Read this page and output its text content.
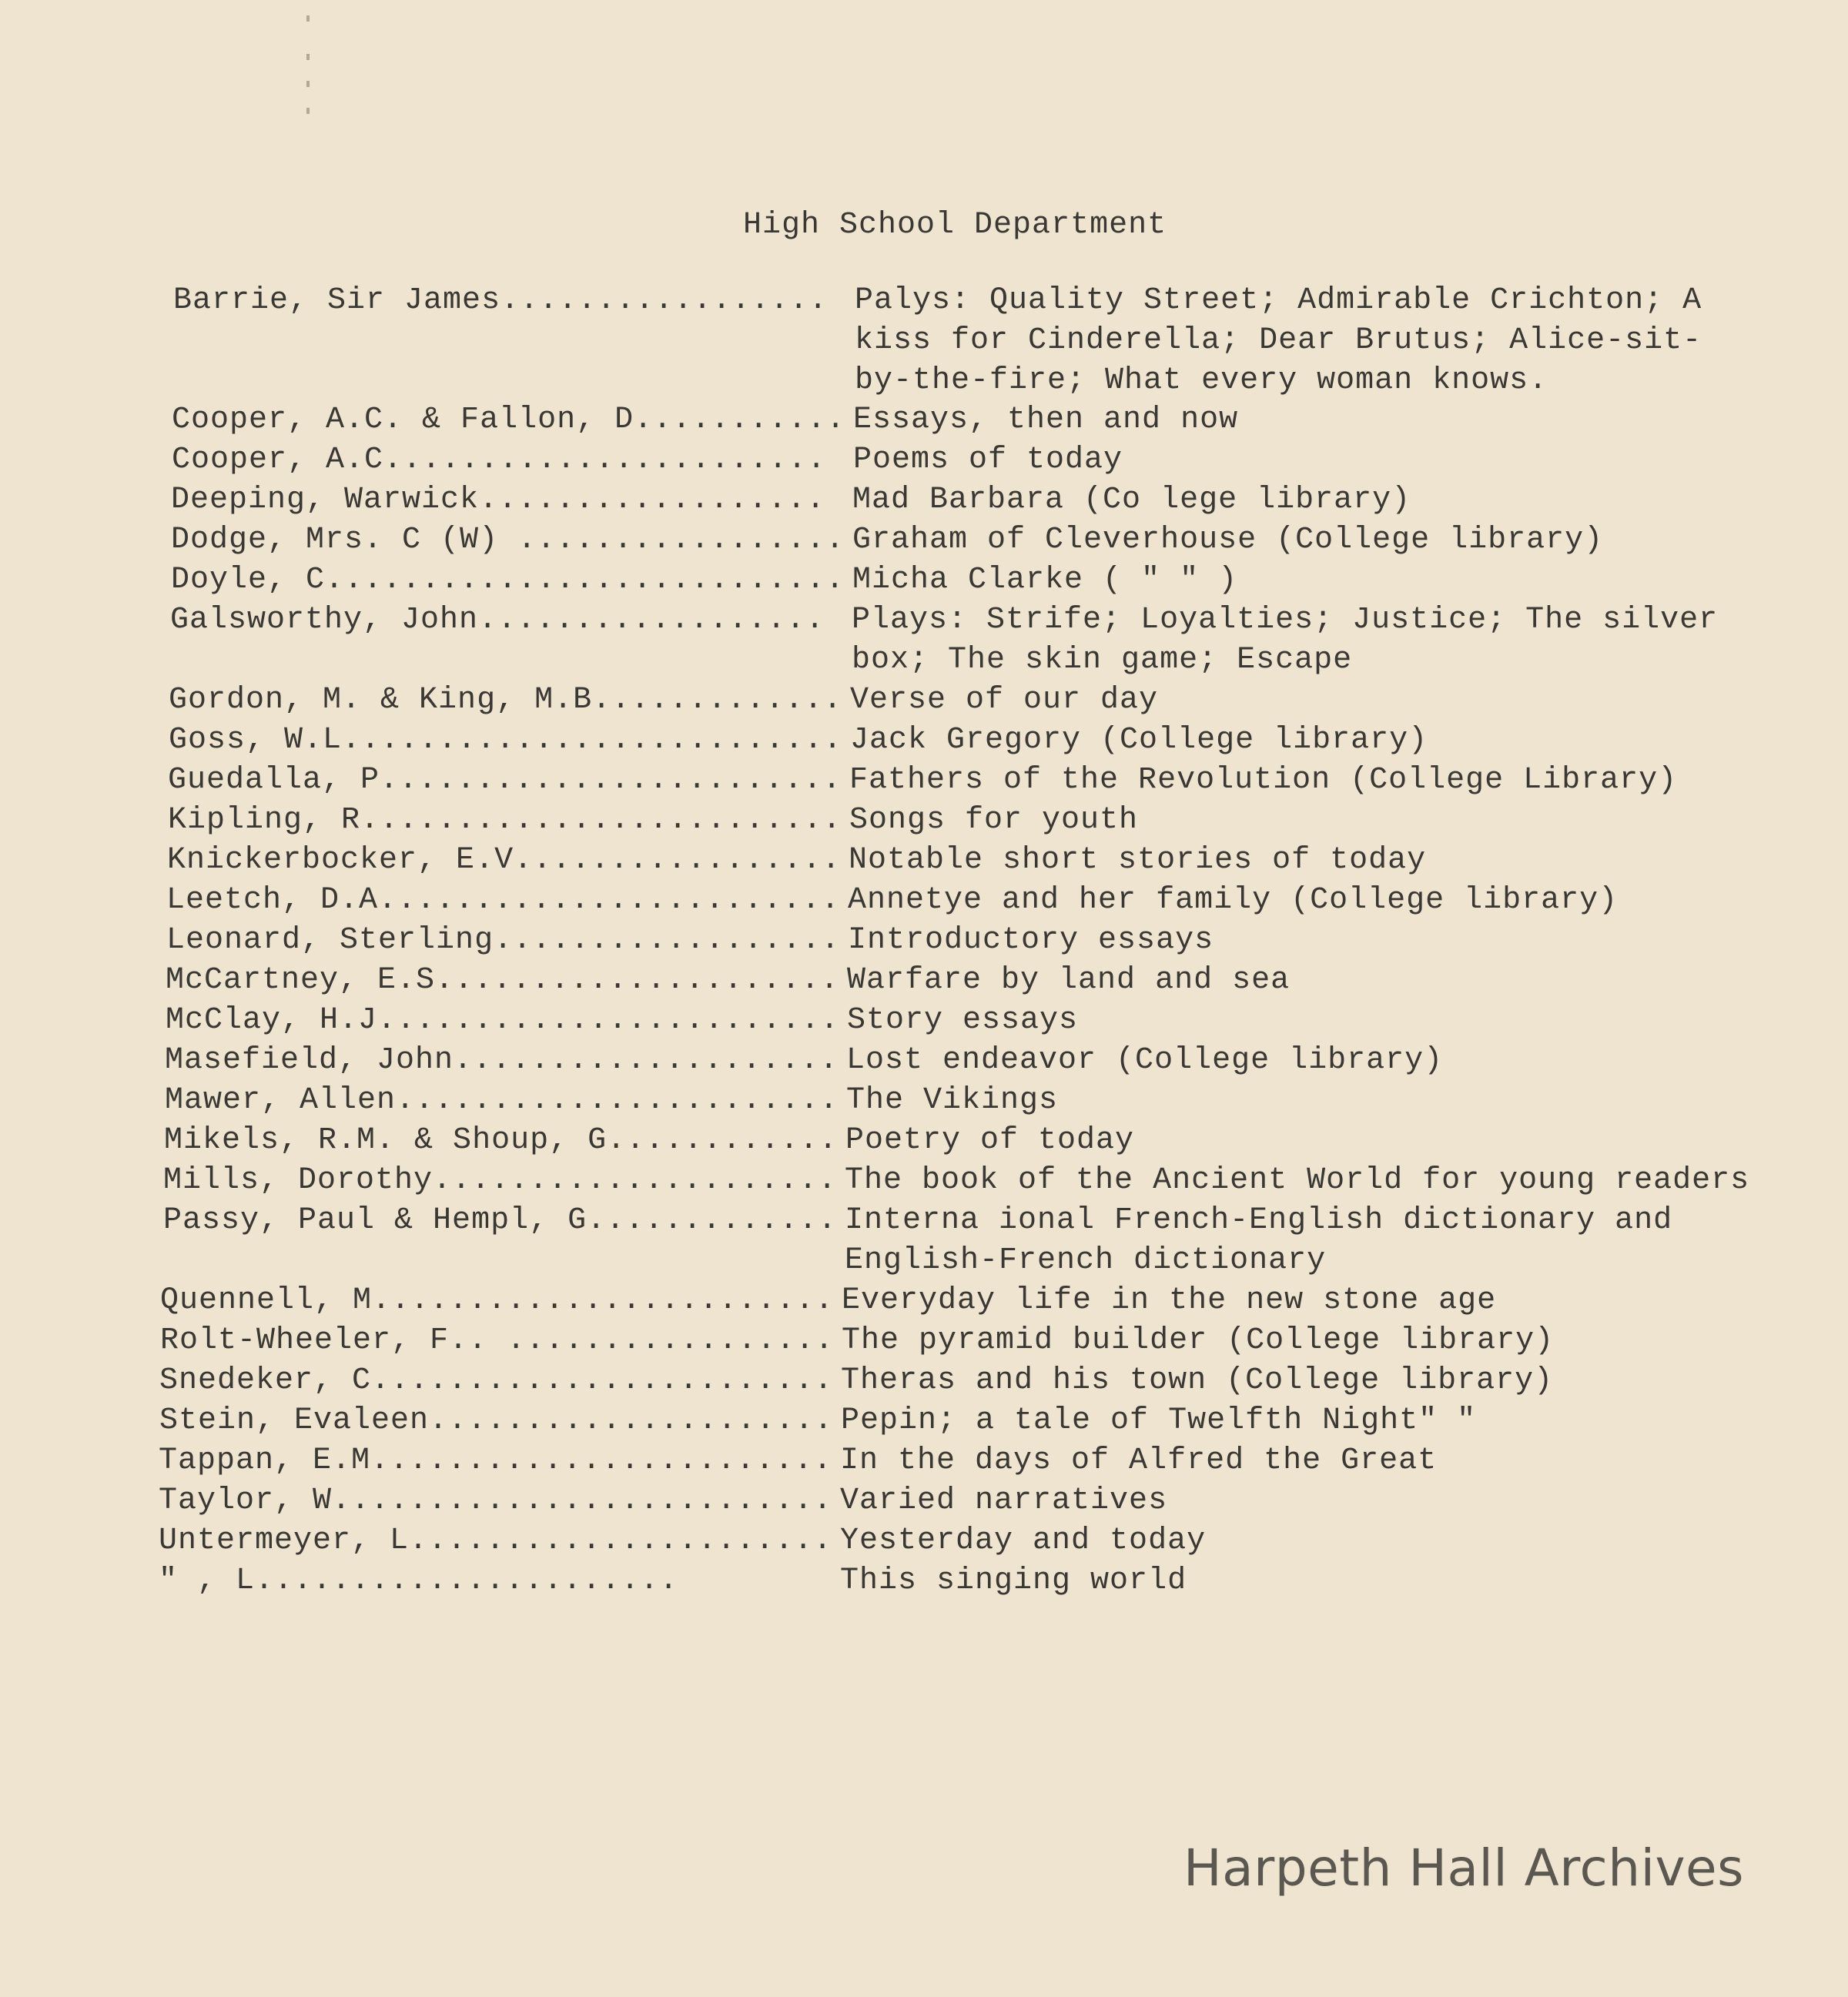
High School Department
Barrie, Sir James................. Palys: Quality Street; Admirable Crichton; A
kiss for Cinderella; Dear Brutus; Alice-sit-
by-the-fire; What every woman knows.
Cooper, A.C. & Fallon, D........... Essays, then and now
Cooper, A.C....................... Poems of today
Deeping, Warwick.................. Mad Barbara (Co lege library)
Dodge, Mrs. C (W) ................. Graham of Cleverhouse (College library)
Doyle, C........................... Micha Clarke ( " " )
Galsworthy, John.................. Plays: Strife; Loyalties; Justice; The silver
box; The skin game; Escape
Gordon, M. & King, M.B............. Verse of our day
Goss, W.L.......................... Jack Gregory (College library)
Guedalla, P........................ Fathers of the Revolution (College Library)
Kipling, R......................... Songs for youth
Knickerbocker, E.V................. Notable short stories of today
Leetch, D.A........................ Annetye and her family (College library)
Leonard, Sterling.................. Introductory essays
McCartney, E.S..................... Warfare by land and sea
McClay, H.J........................ Story essays
Masefield, John.................... Lost endeavor (College library)
Mawer, Allen....................... The Vikings
Mikels, R.M. & Shoup, G............ Poetry of today
Mills, Dorothy..................... The book of the Ancient World for young readers
Passy, Paul & Hempl, G............. Interna ional French-English dictionary and
English-French dictionary
Quennell, M........................ Everyday life in the new stone age
Rolt-Wheeler, F.. ................. The pyramid builder (College library)
Snedeker, C........................ Theras and his town (College library)
Stein, Evaleen..................... Pepin; a tale of Twelfth Night" "
Tappan, E.M........................ In the days of Alfred the Great
Taylor, W.......................... Varied narratives
Untermeyer, L...................... Yesterday and today
" , L......................	This singing world
Harpeth Hall Archives
